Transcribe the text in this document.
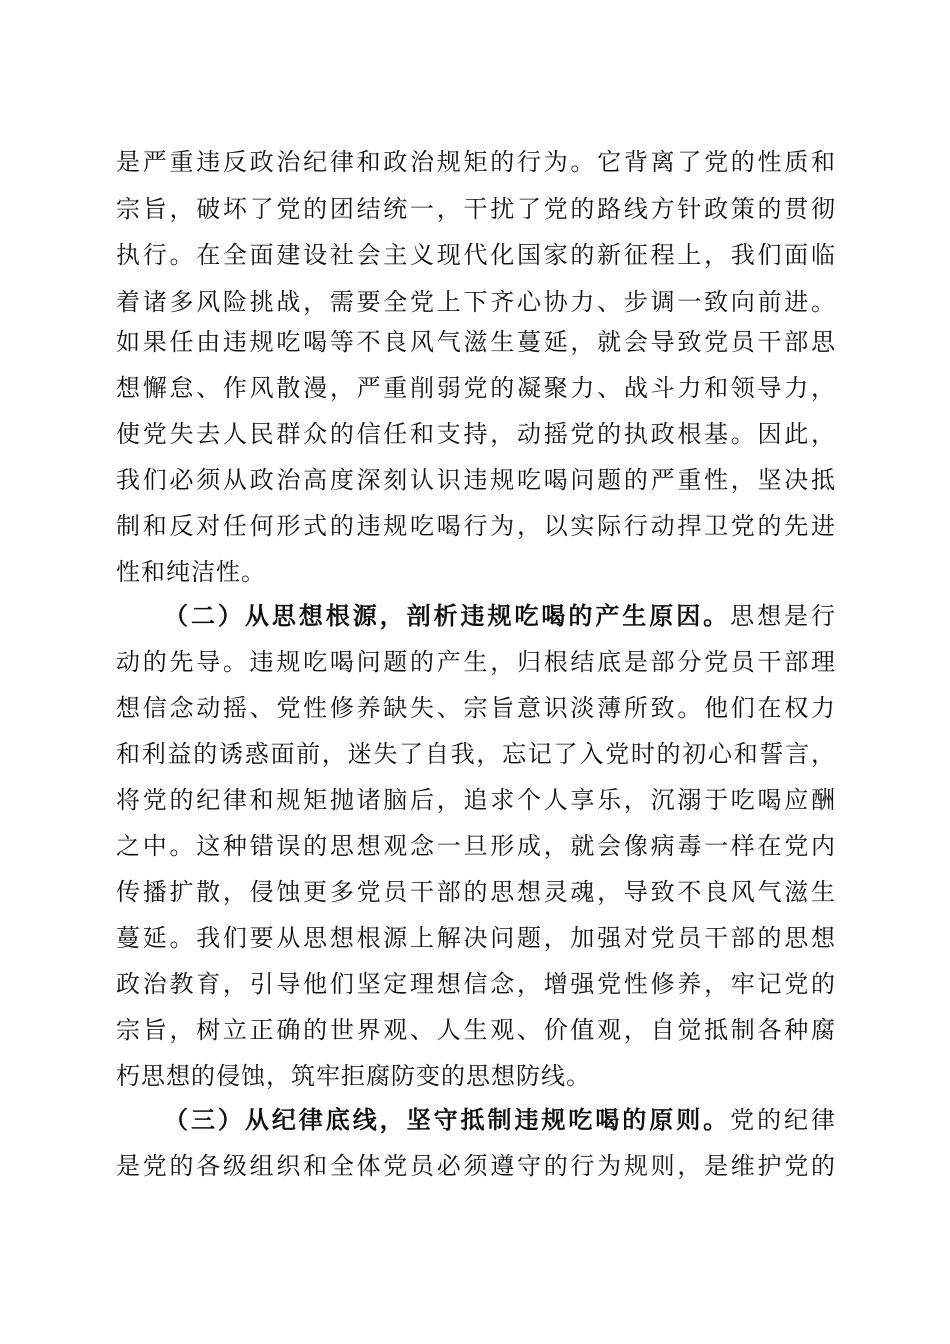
是严重违反政治纪律和政治规矩的行为。它背离了党的性质和
宗旨，破坏了党的团结统一，干扰了党的路线方针政策的贯彻
执行。在全面建设社会主义现代化国家的新征程上，我们面临
着诸多风险挑战，需要全党上下齐心协力、步调一致向前进。
如果任由违规吃喝等不良风气滋生蔓延，就会导致党员干部思
想懈怠、作风散漫，严重削弱党的凝聚力、战斗力和领导力，
使党失去人民群众的信任和支持，动摇党的执政根基。因此，
我们必须从政治高度深刻认识违规吃喝问题的严重性，坚决抵
制和反对任何形式的违规吃喝行为，以实际行动捍卫党的先进
性和纯洁性。
（二）从思想根源，剖析违规吃喝的产生原因。思想是行
动的先导。违规吃喝问题的产生，归根结底是部分党员干部理
想信念动摇、党性修养缺失、宗旨意识淡薄所致。他们在权力
和利益的诱惑面前，迷失了自我，忘记了入党时的初心和誓言，
将党的纪律和规矩抛诸脑后，追求个人享乐，沉溺于吃喝应酬
之中。这种错误的思想观念一旦形成，就会像病毒一样在党内
传播扩散，侵蚀更多党员干部的思想灵魂，导致不良风气滋生
蔓延。我们要从思想根源上解决问题，加强对党员干部的思想
政治教育，引导他们坚定理想信念，增强党性修养，牢记党的
宗旨，树立正确的世界观、人生观、价值观，自觉抵制各种腐
朽思想的侵蚀，筑牢拒腐防变的思想防线。
（三）从纪律底线，坚守抵制违规吃喝的原则。党的纪律
是党的各级组织和全体党员必须遵守的行为规则，是维护党的
